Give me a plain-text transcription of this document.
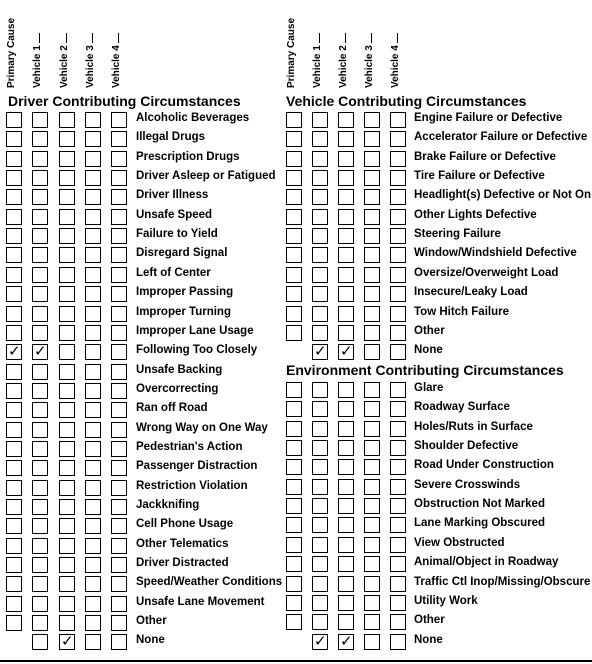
Primary Cause Vehicle 1 Vehicle 2 Vehicle 3 Vehicle 4	Primary Cause Vehicle 1 Vehicle 2 Vehicle 3 Vehicle 4
Driver Contributing Circumstances
Alcoholic Beverages
Illegal Drugs
Prescription Drugs
Driver Asleep or Fatigued
Driver Illness
Unsafe Speed
Failure to Yield
Disregard Signal
Left of Center
Improper Passing
Improper Turning
Improper Lane Usage
✓
✓
Following Too Closely
Unsafe Backing
Overcorrecting
Ran off Road
Wrong Way on One Way
Pedestrian's Action
Passenger Distraction
Restriction Violation
Jackknifing
Cell Phone Usage
Other Telematics
Driver Distracted
Speed/Weather Conditions
Unsafe Lane Movement
Other
✓
None
Vehicle Contributing Circumstances
Engine Failure or Defective
Accelerator Failure or Defective
Brake Failure or Defective
Tire Failure or Defective
Headlight(s) Defective or Not On
Other Lights Defective
Steering Failure
Window/Windshield Defective
Oversize/Overweight Load
Insecure/Leaky Load
Tow Hitch Failure
Other
✓
✓
None
Environment Contributing Circumstances
Glare
Roadway Surface
Holes/Ruts in Surface
Shoulder Defective
Road Under Construction
Severe Crosswinds
Obstruction Not Marked
Lane Marking Obscured
View Obstructed
Animal/Object in Roadway
Traffic Ctl Inop/Missing/Obscure
Utility Work
Other
✓
✓
None
